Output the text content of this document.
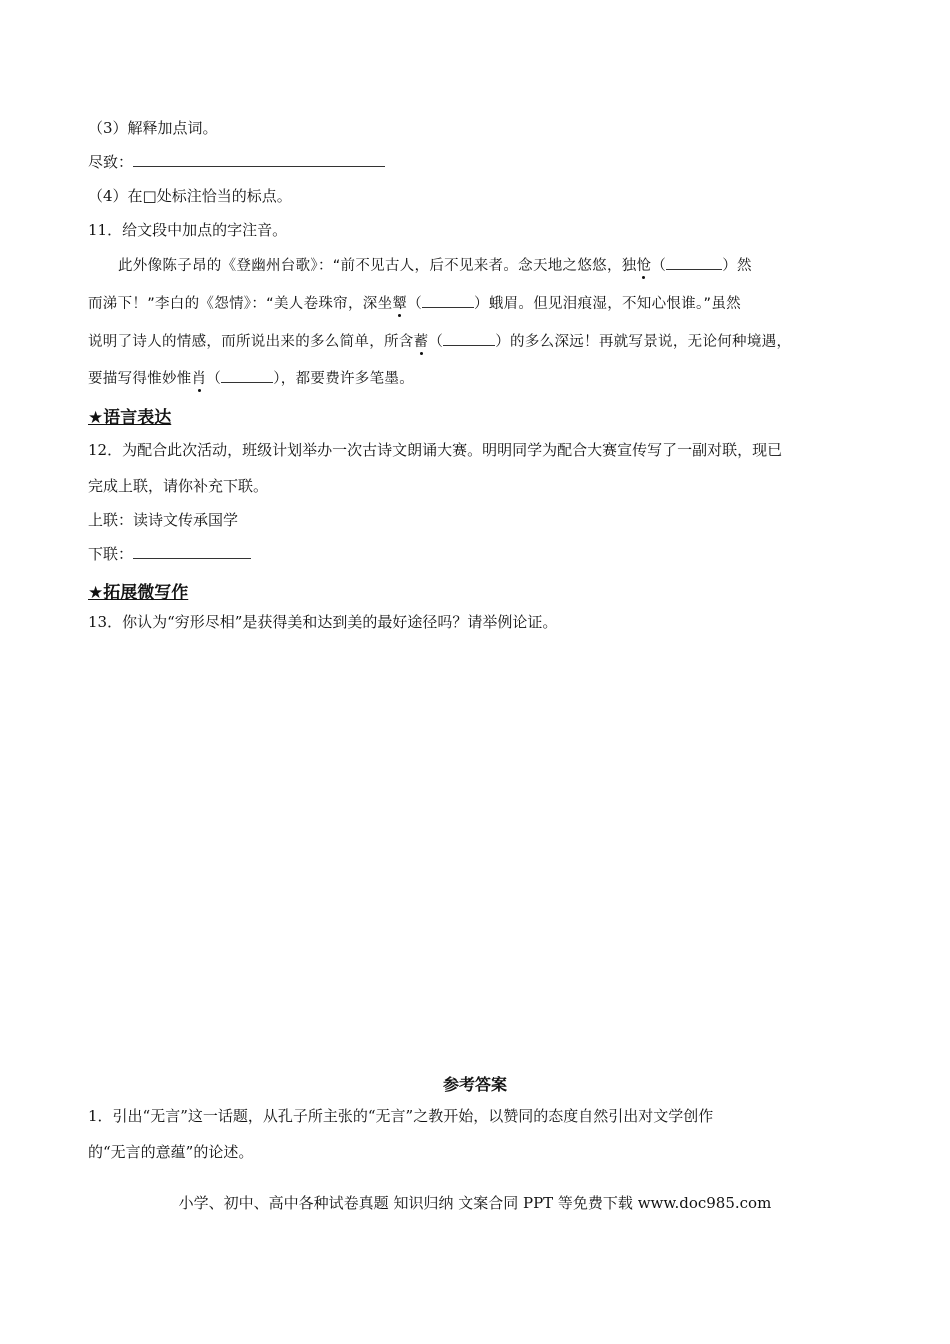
（3）解释加点词。
尽致：
（4）在□处标注恰当的标点。
11．给文段中加点的字注音。
此外像陈子昂的《登幽州台歌》：“前不见古人，后不见来者。念天地之悠悠，独怆（	）然
而涕下！”李白的《怨情》：“美人卷珠帘，深坐颦（	）蛾眉。但见泪痕湿，不知心恨谁。”虽然
说明了诗人的情感，而所说出来的多么简单，所含蓄（	）的多么深远！再就写景说，无论何种境遇，
要描写得惟妙惟肖（	），都要费许多笔墨。
★语言表达
12．为配合此次活动，班级计划举办一次古诗文朗诵大赛。明明同学为配合大赛宣传写了一副对联，现已
完成上联，请你补充下联。
上联：读诗文传承国学
下联：
★拓展微写作
13．你认为“穷形尽相”是获得美和达到美的最好途径吗？请举例论证。
参考答案
1．引出“无言”这一话题，从孔子所主张的“无言”之教开始，以赞同的态度自然引出对文学创作
的“无言的意蕴”的论述。
小学、初中、高中各种试卷真题 知识归纳 文案合同 PPT 等免费下载 www.doc985.com
